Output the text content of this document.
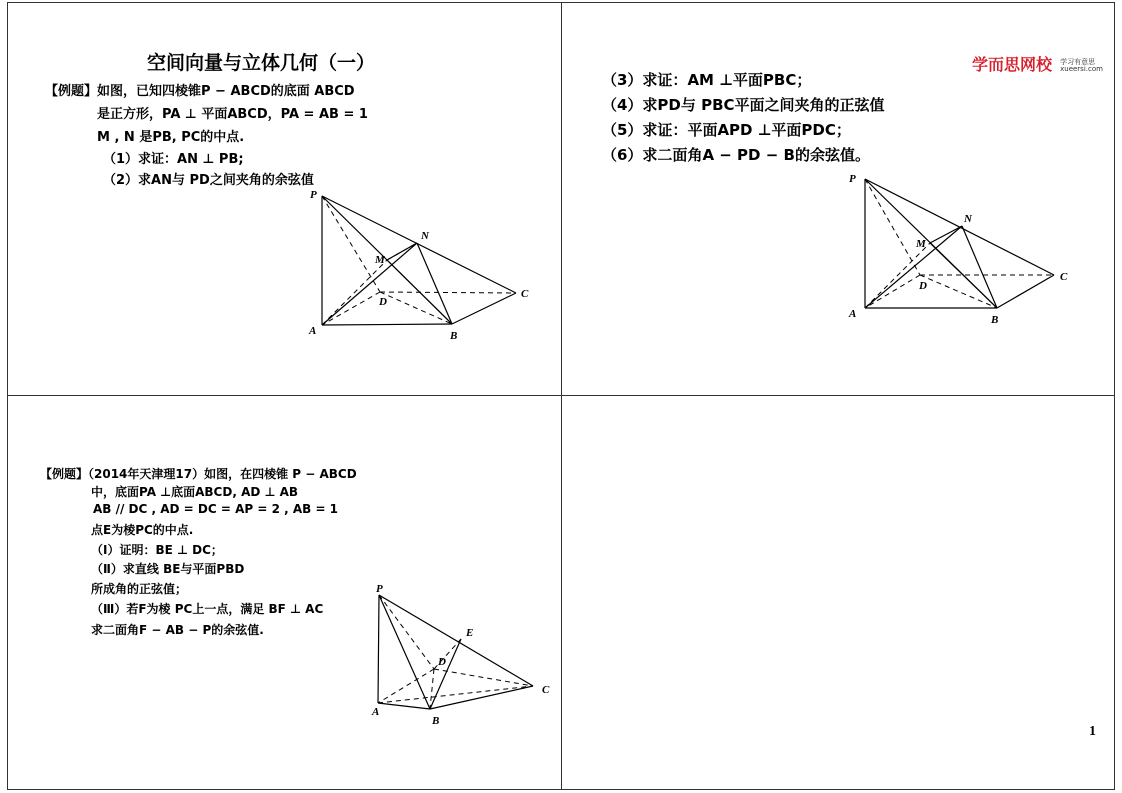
空间向量与立体几何（一）
【例题】如图，已知四棱锥P − ABCD的底面 ABCD
是正方形，PA ⊥ 平面ABCD，PA = AB = 1
M , N 是PB, PC的中点.
（1）求证：AN ⊥ PB;
（2）求AN与 PD之间夹角的余弦值
P
N
M
D
C
A	B
学而思网校 学习有意思
xueersi.com
（3）求证：AM ⊥平面PBC；
（4）求PD与 PBC平面之间夹角的正弦值
（5）求证：平面APD ⊥平面PDC；
（6）求二面角A − PD − B的余弦值。
P
N
M
D
C
A	B
【例题】（2014年天津理17）如图，在四棱锥 P − ABCD
中，底面PA ⊥底面ABCD, AD ⊥ AB
AB // DC , AD = DC = AP = 2 , AB = 1
点E为棱PC的中点.
（Ⅰ）证明：BE ⊥ DC；
（Ⅱ）求直线 BE与平面PBD
所成角的正弦值；
（Ⅲ）若F为棱 PC上一点，满足 BF ⊥ AC
求二面角F − AB − P的余弦值.
P
E
D
C
A
B
1
